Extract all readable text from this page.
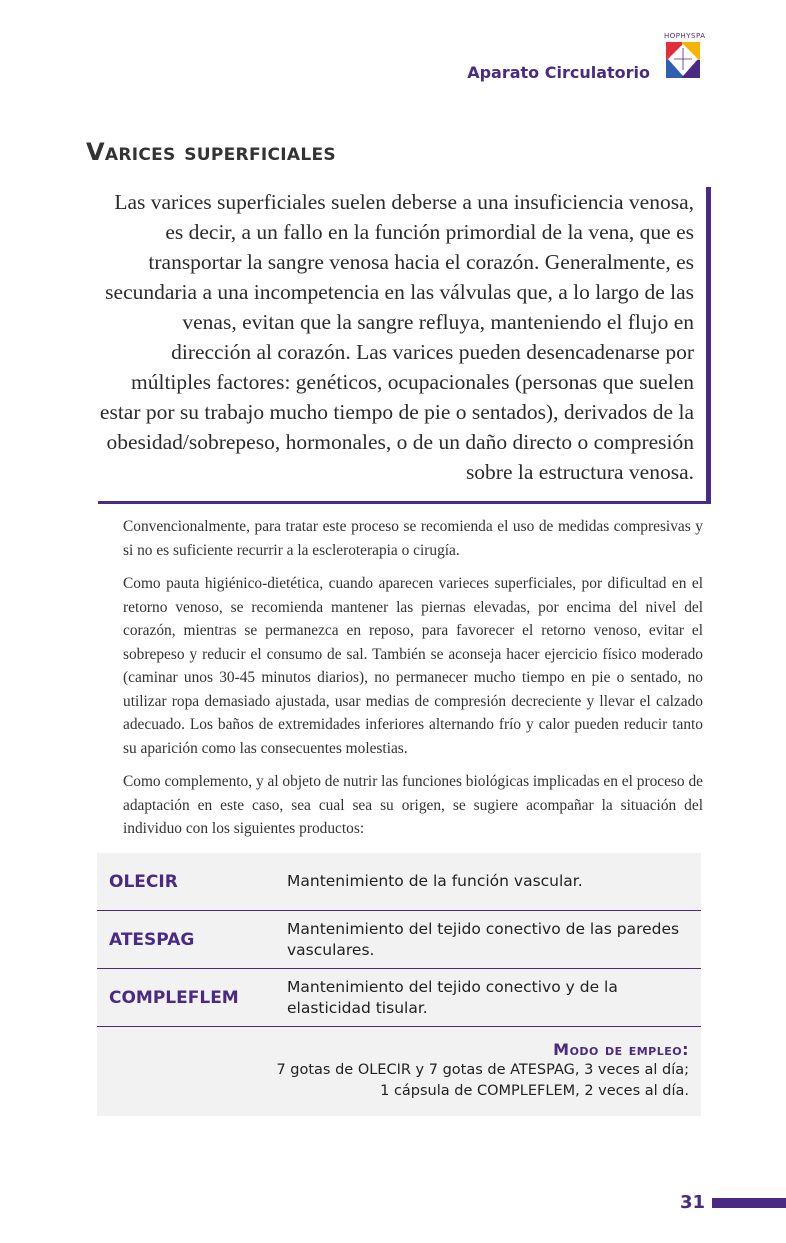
Aparato Circulatorio
HOPHYSPA
Varices superficiales

Las varices superficiales suelen deberse a una insuficiencia venosa, es decir, a un fallo en la función primordial de la vena, que es transportar la sangre venosa hacia el corazón. Generalmente, es secundaria a una incompetencia en las válvulas que, a lo largo de las venas, evitan que la sangre refluya, manteniendo el flujo en dirección al corazón. Las varices pueden desencadenarse por múltiples factores: genéticos, ocupacionales (personas que suelen estar por su trabajo mucho tiempo de pie o sentados), derivados de la obesidad/sobrepeso, hormonales, o de un daño directo o compresión sobre la estructura venosa.

Convencionalmente, para tratar este proceso se recomienda el uso de medidas compresivas y si no es suficiente recurrir a la escleroterapia o cirugía.

Como pauta higiénico-dietética, cuando aparecen varieces superficiales, por dificultad en el retorno venoso, se recomienda mantener las piernas elevadas, por encima del nivel del corazón, mientras se permanezca en reposo, para favorecer el retorno venoso, evitar el sobrepeso y reducir el consumo de sal. También se aconseja hacer ejercicio físico moderado (caminar unos 30-45 minutos diarios), no permanecer mucho tiempo en pie o sentado, no utilizar ropa demasiado ajustada, usar medias de compresión decreciente y llevar el calzado adecuado. Los baños de extremidades inferiores alternando frío y calor pueden reducir tanto su aparición como las consecuentes molestias.

Como complemento, y al objeto de nutrir las funciones biológicas implicadas en el proceso de adaptación en este caso, sea cual sea su origen, se sugiere acompañar la situación del individuo con los siguientes productos:

OLECIR	Mantenimiento de la función vascular.
ATESPAG
Mantenimiento del tejido conectivo de las paredes vasculares.
COMPLEFLEM
Mantenimiento del tejido conectivo y de la elasticidad tisular.
Modo de empleo:
7 gotas de OLECIR y 7 gotas de ATESPAG, 3 veces al día;
1 cápsula de COMPLEFLEM, 2 veces al día.
31
